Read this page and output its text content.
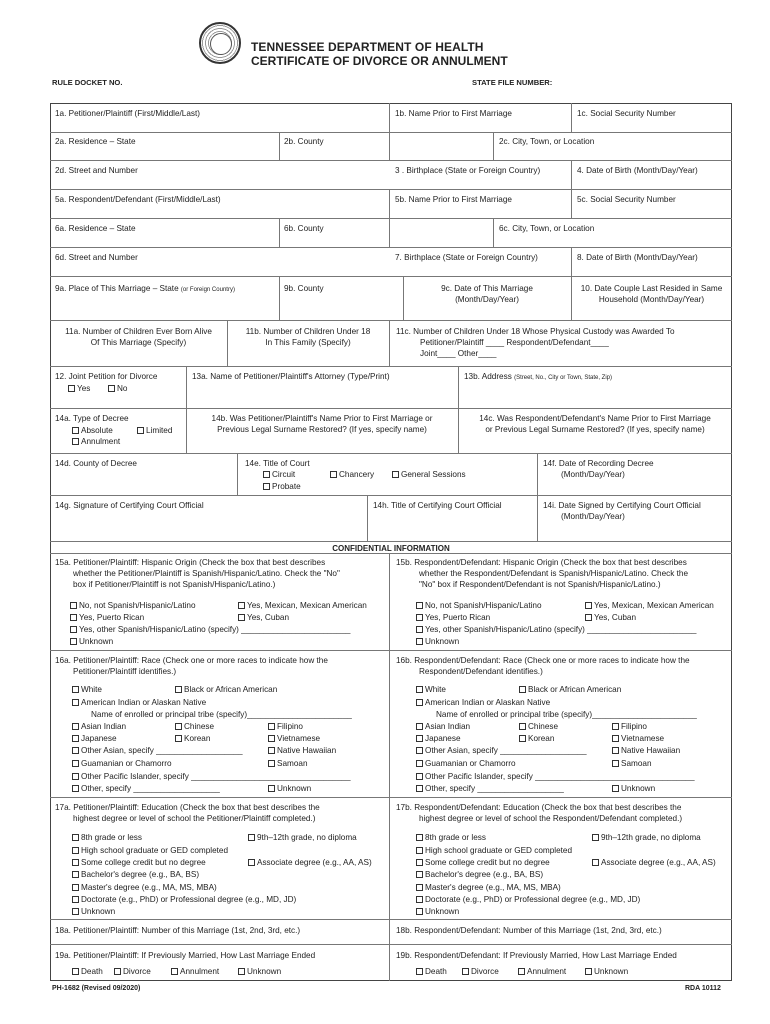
TENNESSEE DEPARTMENT OF HEALTH
CERTIFICATE OF DIVORCE OR ANNULMENT
RULE DOCKET NO.	STATE FILE NUMBER:
1a. Petitioner/Plaintiff (First/Middle/Last)	1b. Name Prior to First Marriage	1c. Social Security Number
2a. Residence – State	2b. County	2c. City, Town, or Location
2d. Street and Number	3 . Birthplace (State or Foreign Country)	4. Date of Birth (Month/Day/Year)
5a. Respondent/Defendant (First/Middle/Last)	5b. Name Prior to First Marriage	5c. Social Security Number
6a. Residence – State	6b. County	6c. City, Town, or Location
6d. Street and Number	7. Birthplace (State or Foreign Country)	8. Date of Birth (Month/Day/Year)
9a. Place of This Marriage – State (or Foreign Country)	9b. County	9c. Date of This Marriage
(Month/Day/Year)
10. Date Couple Last Resided in Same
Household (Month/Day/Year)
11a. Number of Children Ever Born Alive
Of This Marriage (Specify)
11b. Number of Children Under 18
In This Family (Specify)
11c. Number of Children Under 18 Whose Physical Custody was Awarded To
Petitioner/Plaintiff ____ Respondent/Defendant____
Joint____ Other____
12. Joint Petition for Divorce
Yes	No
13a. Name of Petitioner/Plaintiff's Attorney (Type/Print)	13b. Address (Street, No., City or Town, State, Zip)
14a. Type of Decree
Absolute	Limited
Annulment
14b. Was Petitioner/Plaintiff's Name Prior to First Marriage or
Previous Legal Surname Restored? (If yes, specify name)
14c. Was Respondent/Defendant's Name Prior to First Marriage
or Previous Legal Surname Restored? (If yes, specify name)
14d. County of Decree	14e. Title of Court
Circuit	Chancery	General Sessions
Probate
14f. Date of Recording Decree
(Month/Day/Year)
14g. Signature of Certifying Court Official	14h. Title of Certifying Court Official	14i. Date Signed by Certifying Court Official
(Month/Day/Year)
CONFIDENTIAL INFORMATION
15a. Petitioner/Plaintiff: Hispanic Origin (Check the box that best describes
whether the Petitioner/Plaintiff is Spanish/Hispanic/Latino. Check the "No"
box if Petitioner/Plaintiff is not Spanish/Hispanic/Latino.)
No, not Spanish/Hispanic/Latino	Yes, Mexican, Mexican American
Yes, Puerto Rican	Yes, Cuban
Yes, other Spanish/Hispanic/Latino (specify) ________________________
Unknown
15b. Respondent/Defendant: Hispanic Origin (Check the box that best describes
whether the Respondent/Defendant is Spanish/Hispanic/Latino. Check the
"No" box if Respondent/Defendant is not Spanish/Hispanic/Latino.)
No, not Spanish/Hispanic/Latino	Yes, Mexican, Mexican American
Yes, Puerto Rican	Yes, Cuban
Yes, other Spanish/Hispanic/Latino (specify) ________________________
Unknown
16a. Petitioner/Plaintiff: Race (Check one or more races to indicate how the
Petitioner/Plaintiff identifies.)
White	Black or African American
American Indian or Alaskan Native
Name of enrolled or principal tribe (specify)_______________________
Asian Indian	Chinese	Filipino
Japanese	Korean	Vietnamese
Other Asian, specify ___________________	Native Hawaiian
Guamanian or Chamorro	Samoan
Other Pacific Islander, specify ___________________________________
Other, specify ___________________	Unknown
16b. Respondent/Defendant: Race (Check one or more races to indicate how the
Respondent/Defendant identifies.)
White	Black or African American
American Indian or Alaskan Native
Name of enrolled or principal tribe (specify)_______________________
Asian Indian	Chinese	Filipino
Japanese	Korean	Vietnamese
Other Asian, specify ___________________	Native Hawaiian
Guamanian or Chamorro	Samoan
Other Pacific Islander, specify ___________________________________
Other, specify ___________________	Unknown
17a. Petitioner/Plaintiff: Education (Check the box that best describes the
highest degree or level of school the Petitioner/Plaintiff completed.)
8th grade or less	9th–12th grade, no diploma
High school graduate or GED completed
Some college credit but no degree	Associate degree (e.g., AA, AS)
Bachelor's degree (e.g., BA, BS)
Master's degree (e.g., MA, MS, MBA)
Doctorate (e.g., PhD) or Professional degree (e.g., MD, JD)
Unknown
17b. Respondent/Defendant: Education (Check the box that best describes the
highest degree or level of school the Respondent/Defendant completed.)
8th grade or less	9th–12th grade, no diploma
High school graduate or GED completed
Some college credit but no degree	Associate degree (e.g., AA, AS)
Bachelor's degree (e.g., BA, BS)
Master's degree (e.g., MA, MS, MBA)
Doctorate (e.g., PhD) or Professional degree (e.g., MD, JD)
Unknown
18a. Petitioner/Plaintiff: Number of this Marriage (1st, 2nd, 3rd, etc.)	18b. Respondent/Defendant: Number of this Marriage (1st, 2nd, 3rd, etc.)
19a. Petitioner/Plaintiff: If Previously Married, How Last Marriage Ended
Death	Divorce	Annulment	Unknown
19b. Respondent/Defendant: If Previously Married, How Last Marriage Ended
Death	Divorce	Annulment	Unknown
PH-1682 (Revised 09/2020)	RDA 10112
